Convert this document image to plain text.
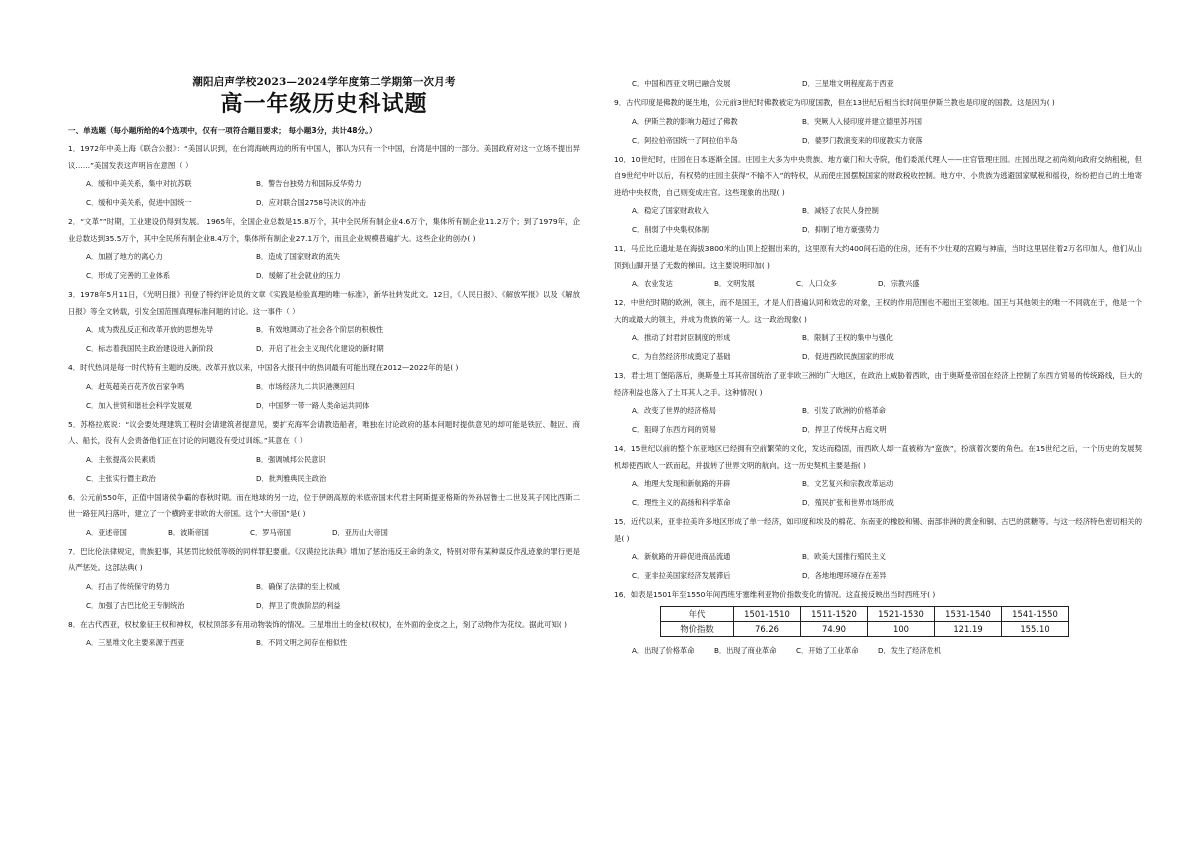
潮阳启声学校2023—2024学年度第二学期第一次月考
高一年级历史科试题
一、单选题（每小题所给的4个选项中，仅有一项符合题目要求； 每小题3分，共计48分。）

1．1972年中美上海《联合公报》：“美国认识到，在台湾海峡两边的所有中国人，都认为只有一个中国，台湾是中国的一部分。美国政府对这一立场不提出异议……”美国发表这声明旨在意图（ ）

A．缓和中美关系，集中对抗苏联	B．警告台独势力和国际反华势力
C．缓和中美关系，促进中国统一	D．应对联合国2758号决议的冲击

2．“文革””时期，工业建设仍得到发展。 1965年，全国企业总数是15.8万个，其中全民所有制企业4.6万个，集体所有制企业11.2万个；到了1979年，企业总数达到35.5万个，其中全民所有制企业8.4万个，集体所有制企业27.1万个，而且企业规模普遍扩大。这些企业的创办( )

A．加剧了地方的离心力	B．造成了国家财政的流失
C．形成了完善的工业体系	D．缓解了社会就业的压力

3．1978年5月11日，《光明日报》刊登了特约评论员的文章《实践是检验真理的唯一标准》，新华社转发此文。12日，《人民日报》、《解放军报》以及《解放日报》等全文转载，引发全国范围真理标准问题的讨论。这一事件（ ）

A．成为拨乱反正和改革开放的思想先导	B．有效地调动了社会各个阶层的积极性
C．标志着我国民主政治建设进入新阶段	D．开启了社会主义现代化建设的新时期

4．时代热词是每一时代特有主题的反映。改革开放以来，中国各大报刊中的热词最有可能出现在2012—2022年的是( )

A．赶英超美百花齐放百家争鸣	B．市场经济九二共识港澳回归
C．加入世贸和谐社会科学发展观	D．中国梦一带一路人类命运共同体

5．苏格拉底说：“议会要处理建筑工程时会请建筑者提意见，要扩充海军会请教造船者，唯独在讨论政府的基本问题时提供意见的却可能是铁匠、鞋匠、商人、船长，没有人会责备他们正在讨论的问题没有受过训练。”其意在（ ）

A．主张提高公民素质	B．强调城邦公民意识
C．主张实行僭主政治	D．批判雅典民主政治

6．公元前550年，正值中国诸侯争霸的春秋时期。而在地球的另一边，位于伊朗高原的米底帝国末代君主阿斯提亚格斯的外孙居鲁士二世及其子冈比西斯二世一路狂风扫落叶，建立了一个横跨亚非欧的大帝国。这个“大帝国”是( )

A．亚述帝国	B．波斯帝国	C．罗马帝国	D．亚历山大帝国

7．巴比伦法律规定，贵族犯事，其惩罚比较低等级的同样罪犯要重。《汉谟拉比法典》增加了惩治违反王命的条文，特别对带有某种谋反作乱迹象的罪行更是从严惩处。这部法典( )

A．打击了传统保守的势力	B．确保了法律的至上权威
C．加强了古巴比伦王专制统治	D．捍卫了贵族阶层的利益

8．在古代西亚，权杖象征王权和神权，权杖顶部多有用动物装饰的情况。三星堆出土的金杖(权杖)，在外面的金皮之上，刻了动物作为花纹。据此可知( )

A．三星堆文化主要来源于西亚	B．不同文明之间存在相似性
C．中国和西亚文明已融合发展	D．三星堆文明程度高于西亚

9．古代印度是佛教的诞生地，公元前3世纪时佛教被定为印度国教，但在13世纪后相当长时间里伊斯兰教也是印度的国教。这是因为( )

A．伊斯兰教的影响力超过了佛教	B．突厥人入侵印度并建立德里苏丹国
C．阿拉伯帝国统一了阿拉伯半岛	D．婆罗门教演变来的印度教实力衰落

10．10世纪时，庄园在日本逐渐全国。庄园主大多为中央贵族、地方豪门和大寺院，他们委派代理人——庄官管理庄园。庄园出现之初尚须向政府交纳租税，但自9世纪中叶以后，有权势的庄园主获得“不输不入”的特权，从而使庄园摆脱国家的财政税收控制。地方中、小贵族为逃避国家赋税和徭役，纷纷把自己的土地寄进给中央权贵，自己则变成庄官。这些现象的出现( )

A．稳定了国家财政收入	B．减轻了农民人身控制
C．削弱了中央集权体制	D．抑制了地方豪强势力

11．马丘比丘遗址是在海拔3800米的山顶上挖掘出来的，这里原有大约400间石造的住房，还有不少壮观的宫殿与神庙，当时这里居住着2万名印加人，他们从山顶到山脚开垦了无数的梯田。这主要说明印加( )

A．农业发达	B．文明发展	C．人口众多	D．宗教兴盛

12．中世纪时期的欧洲，领主，而不是国王，才是人们普遍认同和效忠的对象，王权的作用范围也不超出王室领地。国王与其他领主的唯一不同就在于，他是一个大的或最大的领主，并成为贵族的第一人。这一政治现象( )

A．推动了封君封臣制度的形成	B．限制了王权的集中与强化
C．为自然经济形成奠定了基础	D．促进西欧民族国家的形成

13．君士坦丁堡陷落后，奥斯曼土耳其帝国统治了亚非欧三洲的广大地区，在政治上威胁着西欧，由于奥斯曼帝国在经济上控制了东西方贸易的传统路线，巨大的经济利益也落入了土耳其人之手。这种情况( )

A．改变了世界的经济格局	B．引发了欧洲的价格革命
C．阻碍了东西方间的贸易	D．捍卫了传统拜占庭文明

14．15世纪以前的整个东亚地区已经拥有空前繁荣的文化，发达而稳固，而西欧人却一直被称为“蛮族”，扮演着次要的角色。在15世纪之后，一个历史的发展契机却使西欧人一跃而起，并拔转了世界文明的航向。这一历史契机主要是指( )

A．地理大发现和新航路的开辟	B．文艺复兴和宗教改革运动
C．理性主义的高扬和科学革命	D．殖民扩张和世界市场形成

15．近代以来，亚非拉美许多地区形成了单一经济，如印度和埃及的棉花、东南亚的橡胶和锡、南部非洲的黄金和铜、古巴的蔗糖等。与这一经济特色密切相关的是( )

A．新航路的开辟促进商品流通	B．欧美大国推行殖民主义
C．亚非拉美国家经济发展滞后	D．各地地理环境存在差异

16．如表是1501年至1550年间西班牙塞维利亚物价指数变化的情况。这直接反映出当时西班牙( )

年代	1501-1510	1511-1520	1521-1530	1531-1540	1541-1550
物价指数	76.26	74.90	100	121.19	155.10
A．出现了价格革命	B．出现了商业革命	C．开始了工业革命	D．发生了经济危机
